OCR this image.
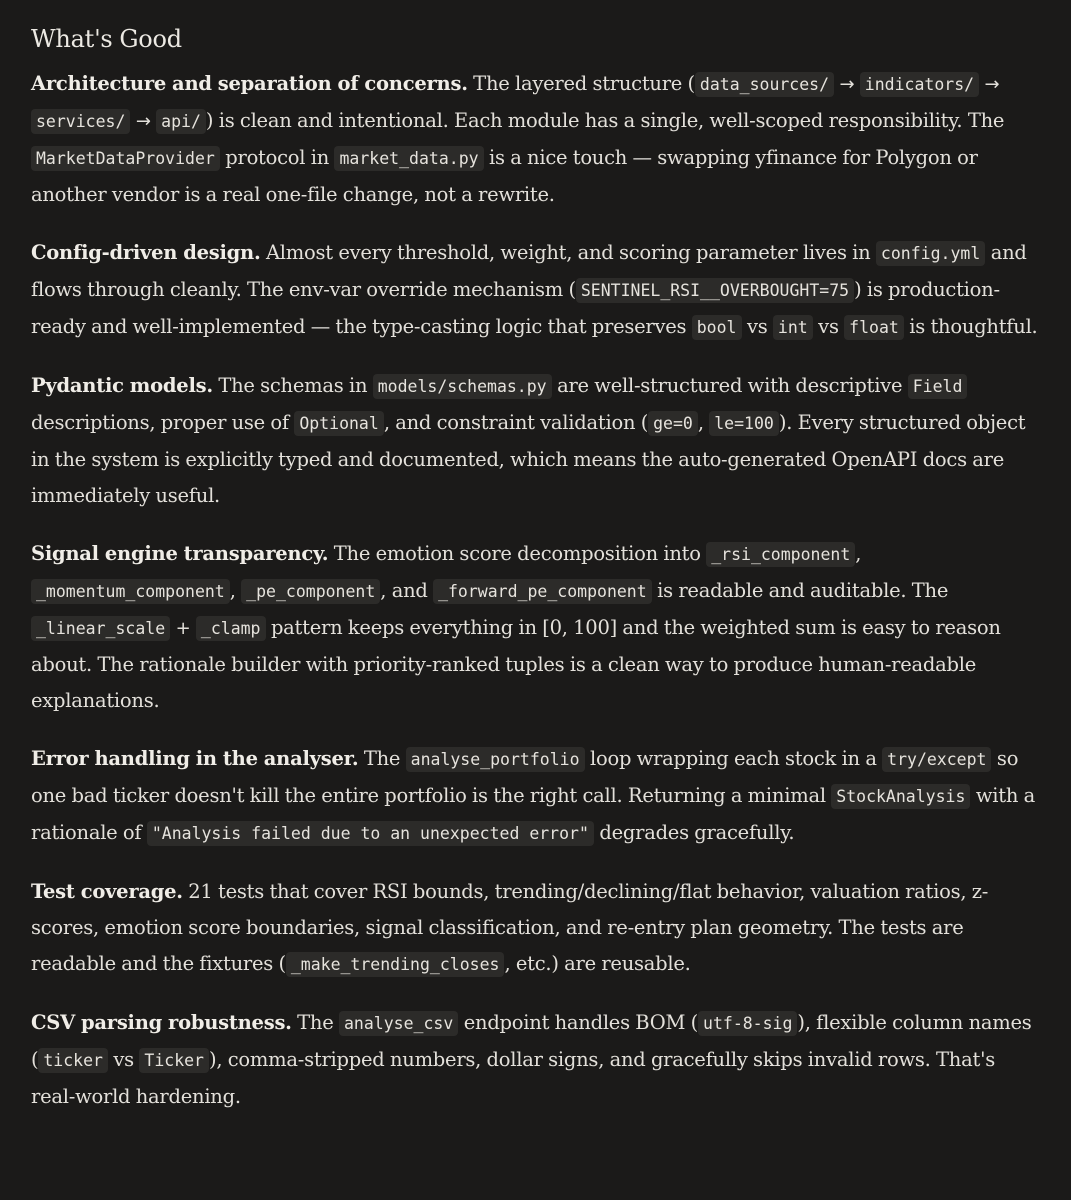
What's Good

Architecture and separation of concerns. The layered structure ( data_sources/ → indicators/ → services/ → api/ ) is clean and intentional. Each module has a single, well-scoped responsibility. The MarketDataProvider protocol in market_data.py is a nice touch — swapping yfinance for Polygon or another vendor is a real one-file change, not a rewrite.

Config-driven design. Almost every threshold, weight, and scoring parameter lives in config.yml and flows through cleanly. The env-var override mechanism ( SENTINEL_RSI__OVERBOUGHT=75 ) is production-ready and well-implemented — the type-casting logic that preserves bool vs int vs float is thoughtful.

Pydantic models. The schemas in models/schemas.py are well-structured with descriptive Field descriptions, proper use of Optional , and constraint validation ( ge=0 , le=100 ). Every structured object in the system is explicitly typed and documented, which means the auto-generated OpenAPI docs are immediately useful.

Signal engine transparency. The emotion score decomposition into _rsi_component , _momentum_component , _pe_component , and _forward_pe_component is readable and auditable. The _linear_scale + _clamp pattern keeps everything in [0, 100] and the weighted sum is easy to reason about. The rationale builder with priority-ranked tuples is a clean way to produce human-readable explanations.

Error handling in the analyser. The analyse_portfolio loop wrapping each stock in a try/except so one bad ticker doesn't kill the entire portfolio is the right call. Returning a minimal StockAnalysis with a rationale of "Analysis failed due to an unexpected error" degrades gracefully.

Test coverage. 21 tests that cover RSI bounds, trending/declining/flat behavior, valuation ratios, z-scores, emotion score boundaries, signal classification, and re-entry plan geometry. The tests are readable and the fixtures ( _make_trending_closes , etc.) are reusable.

CSV parsing robustness. The analyse_csv endpoint handles BOM ( utf-8-sig ), flexible column names ( ticker vs Ticker ), comma-stripped numbers, dollar signs, and gracefully skips invalid rows. That's real-world hardening.
